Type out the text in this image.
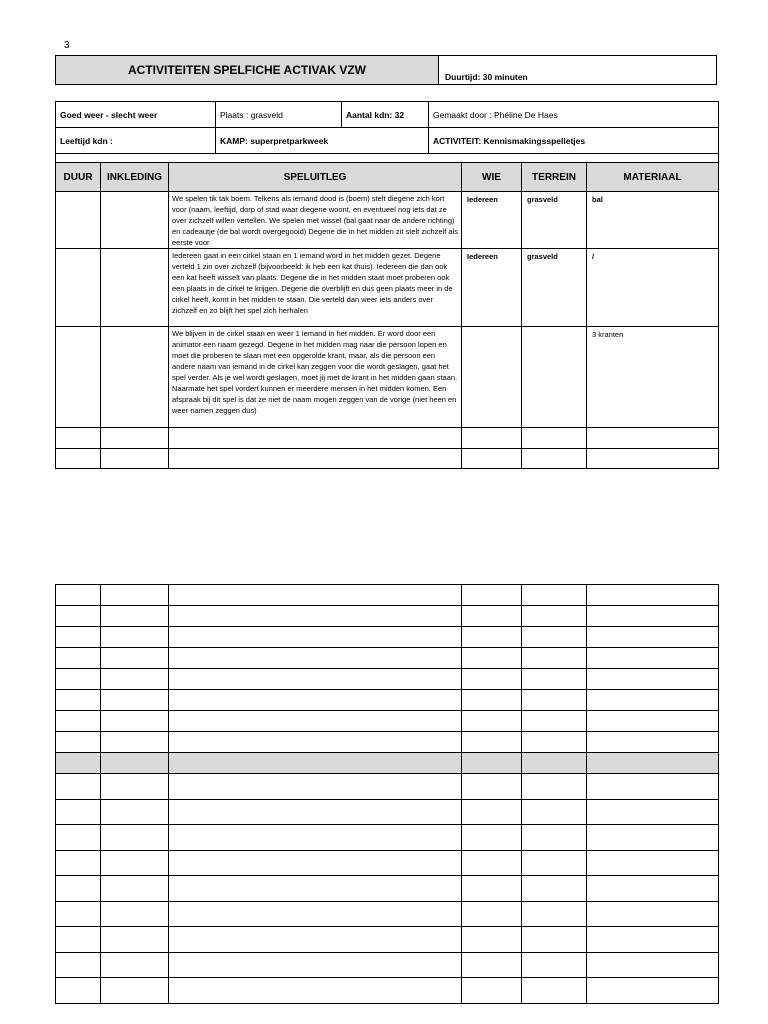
3
ACTIVITEITEN SPELFICHE ACTIVAK VZW	Duurtijd: 30 minuten
Goed weer - slecht weer	Plaats : grasveld	Aantal kdn: 32	Gemaakt door : Phéline De Haes
Leeftijd kdn :	KAMP: superpretparkweek		ACTIVITEIT: Kennismakingsspelletjes

DUUR	INKLEDING	SPELUITLEG	WIE	TERREIN	MATERIAAL
		We spelen tik tak boem. Telkens als iemand dood is (boem) stelt diegene zich kort voor (naam, leeftijd, dorp of stad waar diegene woont, en eventueel nog iets dat ze over zichzelf willen vertellen. We spelen met wissel (bal gaat naar de andere richting) en cadeautje (de bal wordt overgegooid) Degene die in het midden zit stelt zichzelf als eerste voor	Iedereen	grasveld	bal
		Iedereen gaat in een cirkel staan en 1 iemand word in het midden gezet. Degene verteld 1 zin over zichzelf (bijvoorbeeld: ik heb een kat thuis). Iedereen die dan ook een kat heeft wisselt van plaats. Degene die in het midden staat moet proberen ook een plaats in de cirkel te krijgen. Degene die overblijft en dus geen plaats meer in de cirkel heeft, komt in het midden te staan. Die verteld dan weer iets anders over zichzelf en zo blijft het spel zich herhalen	Iedereen	grasveld	/
		We blijven in de cirkel staan en weer 1 iemand in het midden. Er word door een animator een naam gezegd. Degene in het midden mag naar die persoon lopen en moet die proberen te slaan met een opgerolde krant, maar, als die persoon een andere naam van iemand in de cirkel kan zeggen voor die wordt geslagen, gaat het spel verder. Als je wel wordt geslagen, moet jij met de krant in het midden gaan staan. Naarmate het spel vordert kunnen er meerdere mensen in het midden komen. Een afspraak bij dit spel is dat ze niet de naam mogen zeggen van de vorige (niet heen en weer namen zeggen dus)			3 kranten
